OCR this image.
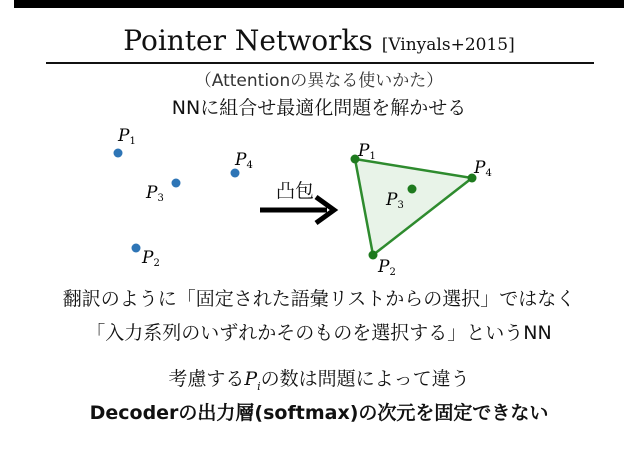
Pointer Networks [Vinyals+2015]
（Attentionの異なる使いかた）
NNに組合せ最適化問題を解かせる
P1
P3
P4
P2
凸包
P1
P4
P3
P2
翻訳のように「固定された語彙リストからの選択」ではなく
「入力系列のいずれかそのものを選択する」というNN
考慮する$P_i$の数は問題によって違う
Decoderの出力層(softmax)の次元を固定できない
